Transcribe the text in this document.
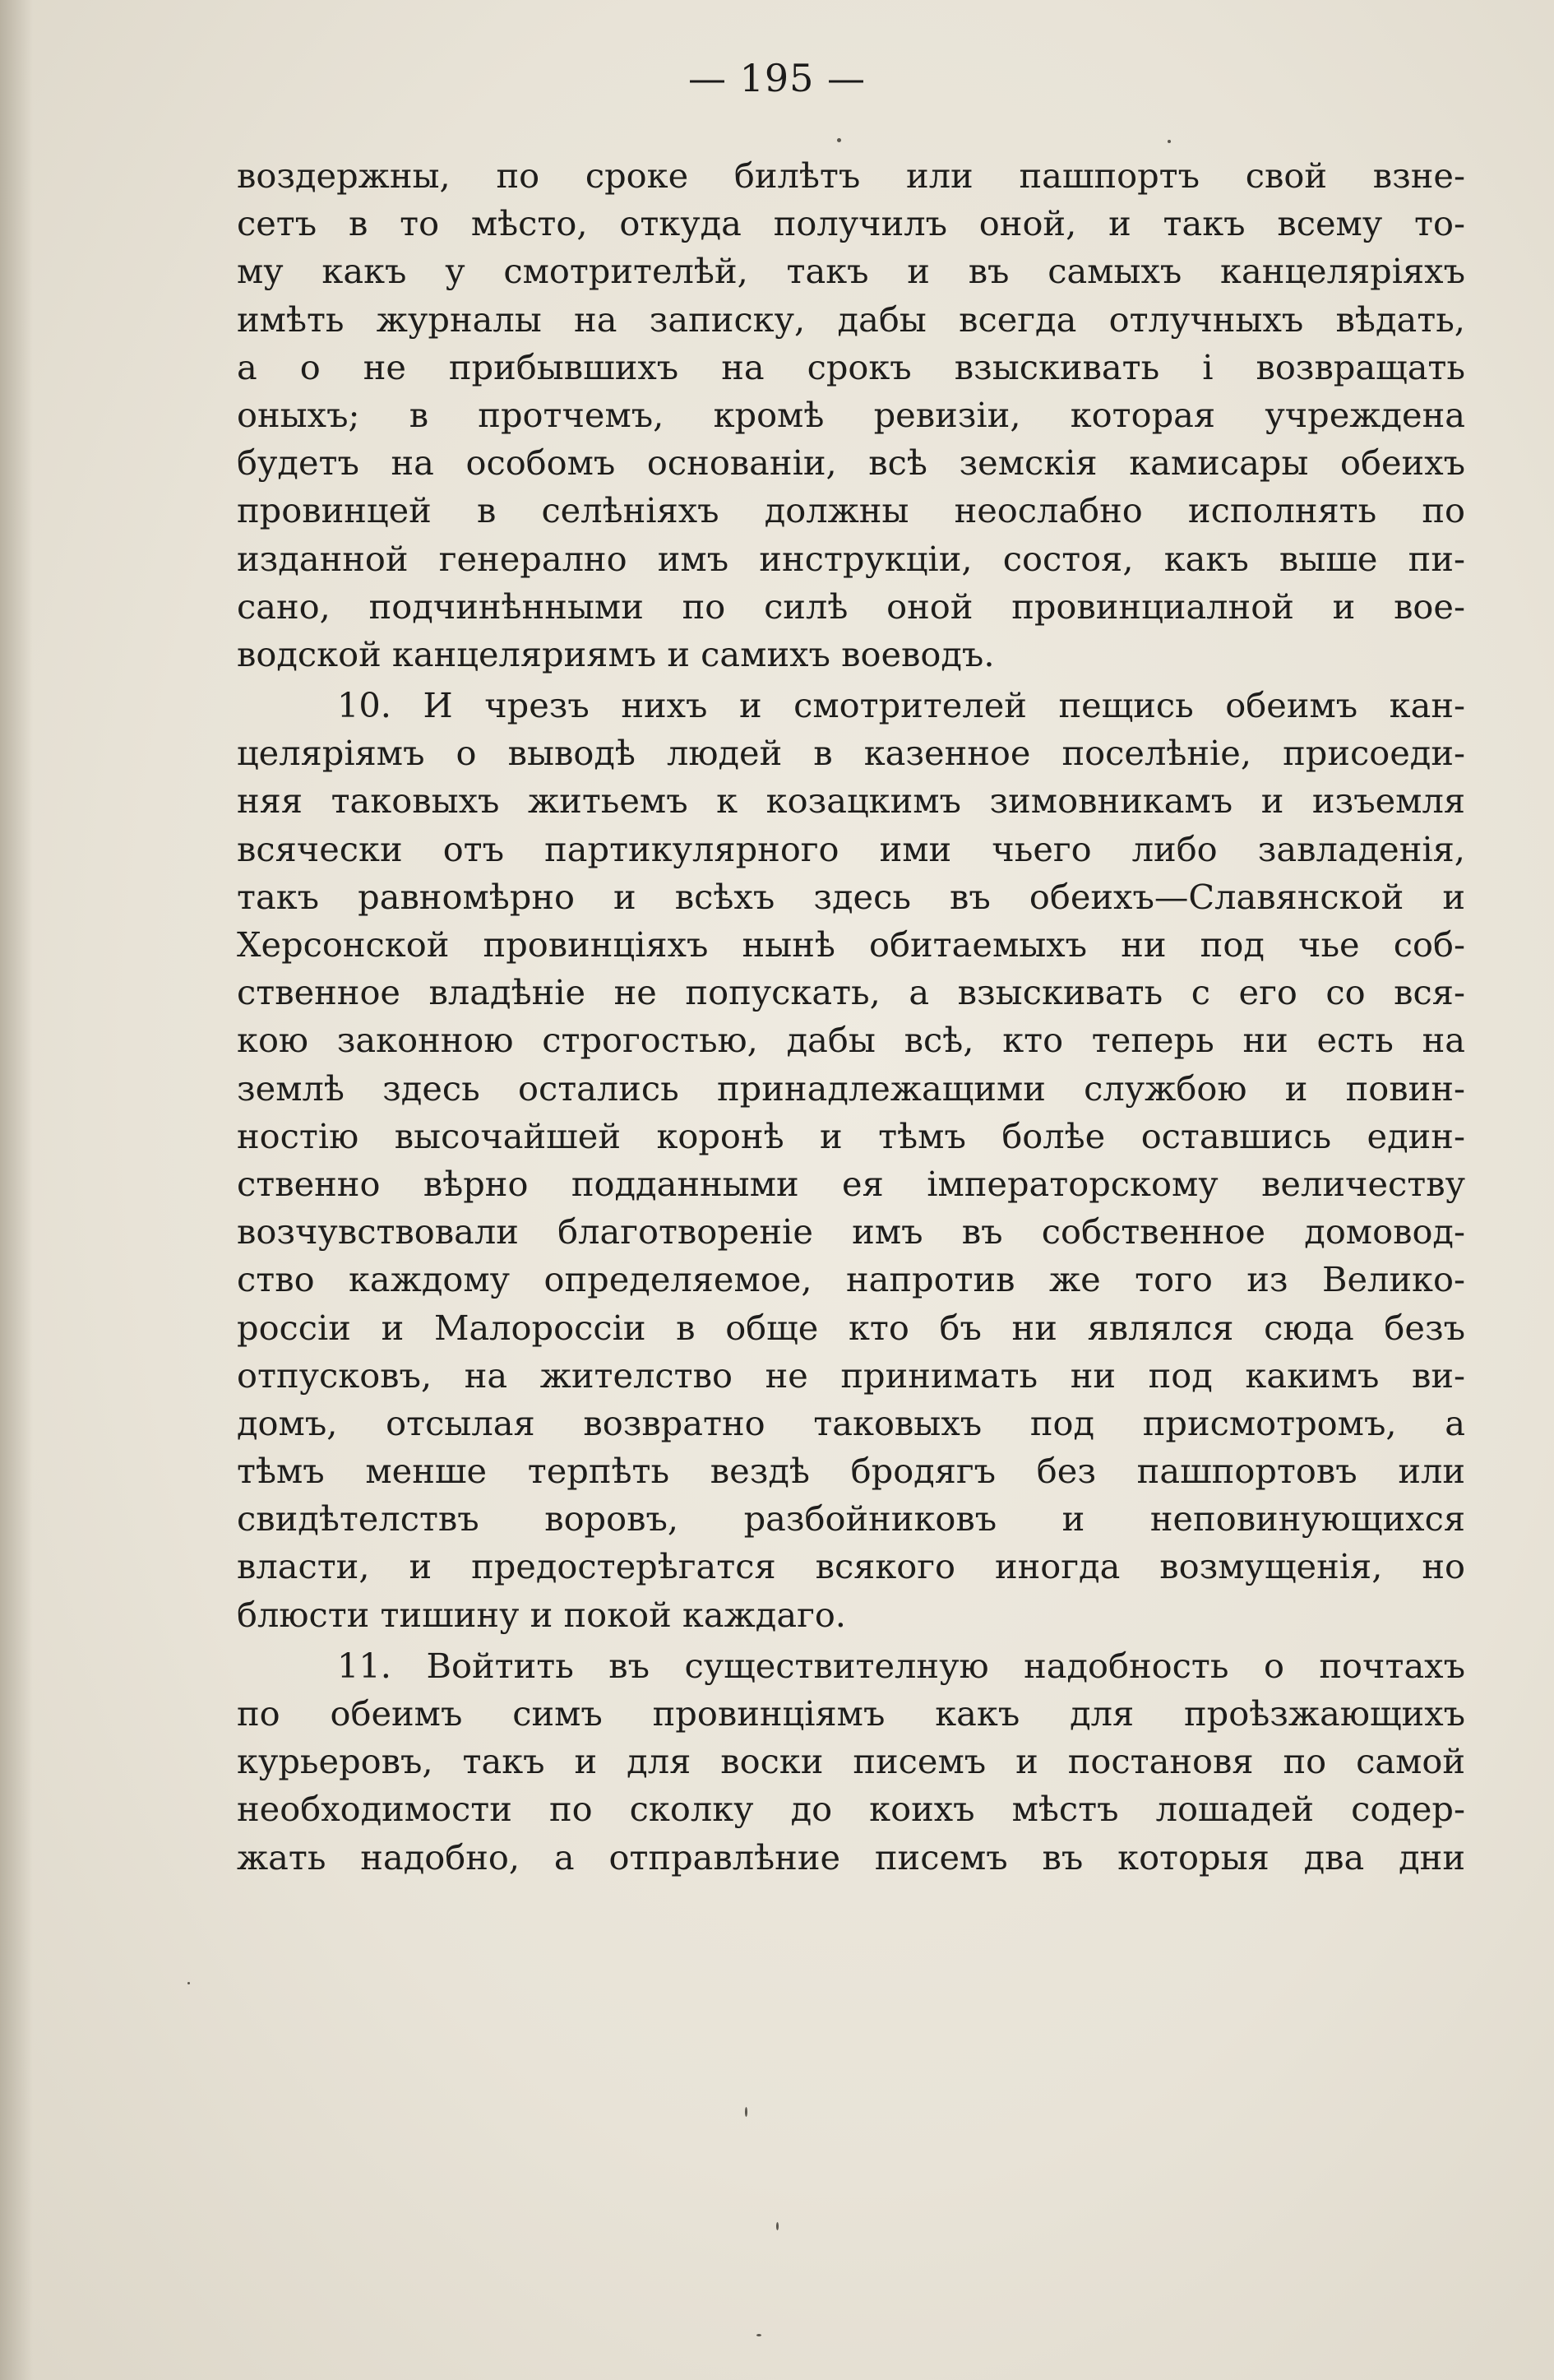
— 195 —
воздержны, по сроке билѣтъ или пашпортъ свой взне-
сетъ в то мѣсто, откуда получилъ оной, и такъ всему то-
му какъ у смотрителѣй, такъ и въ самыхъ канцеляріяхъ
имѣть журналы на записку, дабы всегда отлучныхъ вѣдать,
а о не прибывшихъ на срокъ взыскивать і возвращать
оныхъ; в протчемъ, кромѣ ревизіи, которая учреждена
будетъ на особомъ основаніи, всѣ земскія камисары обеихъ
провинцей в селѣніяхъ должны неослабно исполнять по
изданной генерално имъ инструкціи, состоя, какъ выше пи-
сано, подчинѣнными по силѣ оной провинциалной и вое-
водской канцеляриямъ и самихъ воеводъ.
10. И чрезъ нихъ и смотрителей пещись обеимъ кан-
целяріямъ о выводѣ людей в казенное поселѣніе, присоеди-
няя таковыхъ житьемъ к козацкимъ зимовникамъ и изъемля
всячески отъ партикулярного ими чьего либо завладенія,
такъ равномѣрно и всѣхъ здесь въ обеихъ—Славянской и
Херсонской провинціяхъ нынѣ обитаемыхъ ни под чье соб-
ственное владѣніе не попускать, а взыскивать с его со вся-
кою законною строгостью, дабы всѣ, кто теперь ни есть на
землѣ здесь остались принадлежащими службою и повин-
ностію высочайшей коронѣ и тѣмъ болѣе оставшись един-
ственно вѣрно подданными ея імператорскому величеству
возчувствовали благотвореніе имъ въ собственное домовод-
ство каждому определяемое, напротив же того из Велико-
россіи и Малороссіи в обще кто бъ ни являлся сюда безъ
отпусковъ, на жителство не принимать ни под какимъ ви-
домъ, отсылая возвратно таковыхъ под присмотромъ, а
тѣмъ менше терпѣть вездѣ бродягъ без пашпортовъ или
свидѣтелствъ воровъ, разбойниковъ и неповинующихся
власти, и предостерѣгатся всякого иногда возмущенія, но
блюсти тишину и покой каждаго.
11. Войтить въ существителную надобность о почтахъ
по обеимъ симъ провинціямъ какъ для проѣзжающихъ
курьеровъ, такъ и для воски писемъ и постановя по самой
необходимости по сколку до коихъ мѣстъ лошадей содер-
жать надобно, а отправлѣние писемъ въ которыя два дни
